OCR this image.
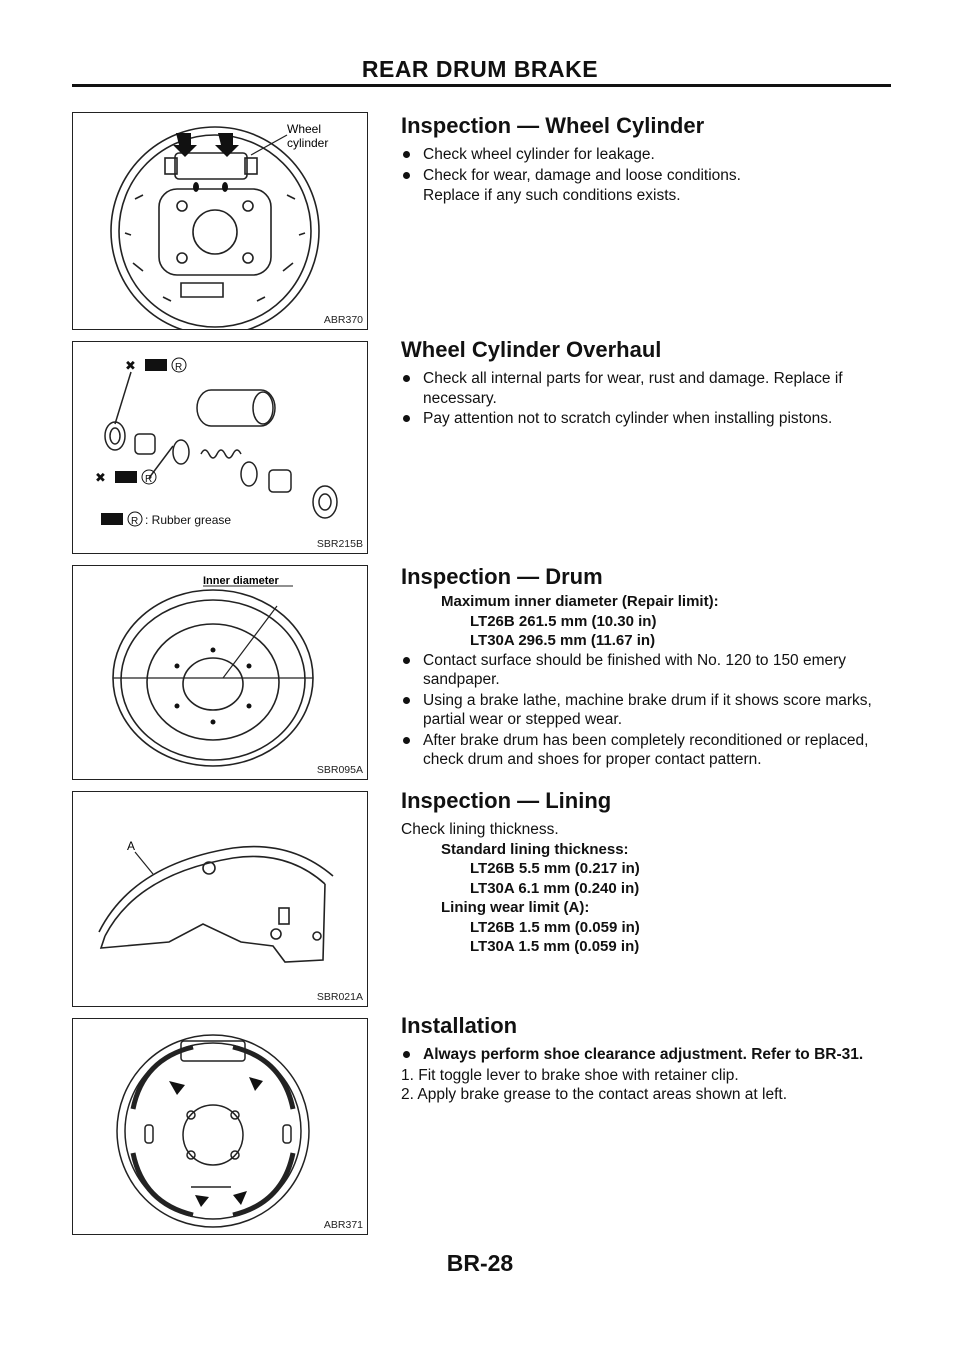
REAR DRUM BRAKE
Wheel
cylinder
ABR370
✖	R
✖	R
R : Rubber grease
SBR215B
Inner diameter
SBR095A
A
SBR021A
ABR371
Inspection — Wheel Cylinder
Check wheel cylinder for leakage.
Check for wear, damage and loose conditions.
Replace if any such conditions exists.
Wheel Cylinder Overhaul
Check all internal parts for wear, rust and damage. Replace if necessary.
Pay attention not to scratch cylinder when installing pistons.
Inspection — Drum
Maximum inner diameter (Repair limit):
LT26B 261.5 mm (10.30 in)
LT30A 296.5 mm (11.67 in)
Contact surface should be finished with No. 120 to 150 emery sandpaper.
Using a brake lathe, machine brake drum if it shows score marks, partial wear or stepped wear.
After brake drum has been completely reconditioned or replaced, check drum and shoes for proper contact pattern.
Inspection — Lining
Check lining thickness.
Standard lining thickness:
LT26B 5.5 mm (0.217 in)
LT30A 6.1 mm (0.240 in)
Lining wear limit (A):
LT26B 1.5 mm (0.059 in)
LT30A 1.5 mm (0.059 in)
Installation
Always perform shoe clearance adjustment. Refer to BR-31.
1. Fit toggle lever to brake shoe with retainer clip.
2. Apply brake grease to the contact areas shown at left.
BR-28
